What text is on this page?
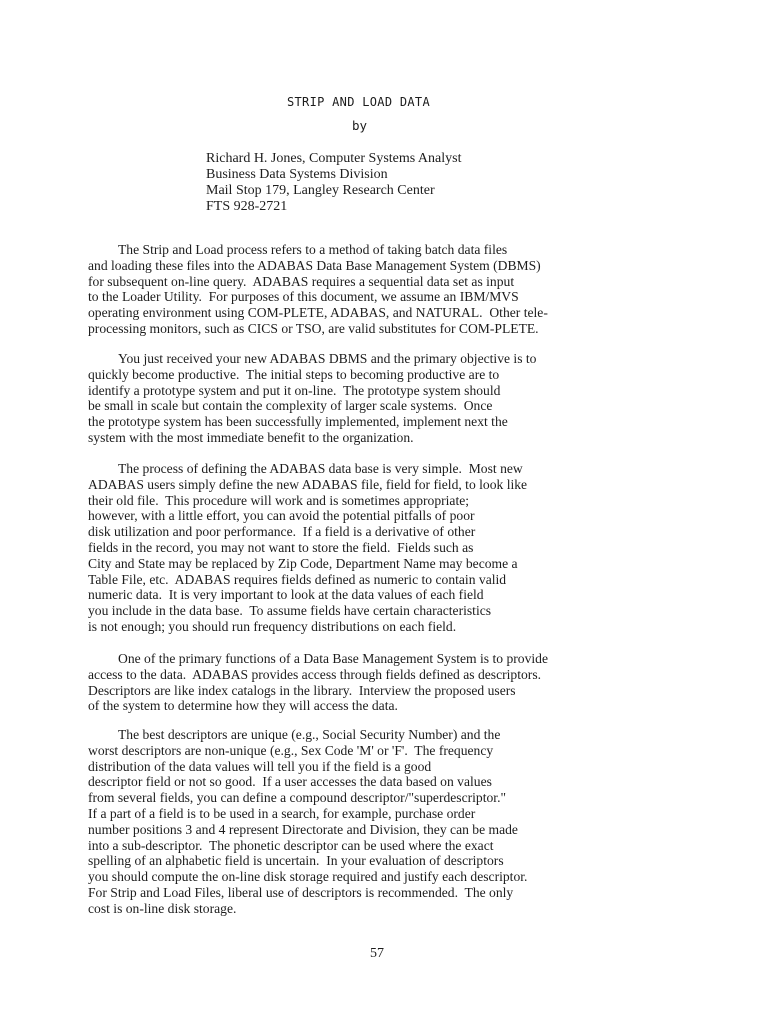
STRIP AND LOAD DATA
by
Richard H. Jones, Computer Systems Analyst
Business Data Systems Division
Mail Stop 179, Langley Research Center
FTS 928-2721
The Strip and Load process refers to a method of taking batch data files
and loading these files into the ADABAS Data Base Management System (DBMS)
for subsequent on-line query.  ADABAS requires a sequential data set as input
to the Loader Utility.  For purposes of this document, we assume an IBM/MVS
operating environment using COM-PLETE, ADABAS, and NATURAL.  Other tele-
processing monitors, such as CICS or TSO, are valid substitutes for COM-PLETE.
You just received your new ADABAS DBMS and the primary objective is to
quickly become productive.  The initial steps to becoming productive are to
identify a prototype system and put it on-line.  The prototype system should
be small in scale but contain the complexity of larger scale systems.  Once
the prototype system has been successfully implemented, implement next the
system with the most immediate benefit to the organization.
The process of defining the ADABAS data base is very simple.  Most new
ADABAS users simply define the new ADABAS file, field for field, to look like
their old file.  This procedure will work and is sometimes appropriate;
however, with a little effort, you can avoid the potential pitfalls of poor
disk utilization and poor performance.  If a field is a derivative of other
fields in the record, you may not want to store the field.  Fields such as
City and State may be replaced by Zip Code, Department Name may become a
Table File, etc.  ADABAS requires fields defined as numeric to contain valid
numeric data.  It is very important to look at the data values of each field
you include in the data base.  To assume fields have certain characteristics
is not enough; you should run frequency distributions on each field.
One of the primary functions of a Data Base Management System is to provide
access to the data.  ADABAS provides access through fields defined as descriptors.
Descriptors are like index catalogs in the library.  Interview the proposed users
of the system to determine how they will access the data.
The best descriptors are unique (e.g., Social Security Number) and the
worst descriptors are non-unique (e.g., Sex Code 'M' or 'F'.  The frequency
distribution of the data values will tell you if the field is a good
descriptor field or not so good.  If a user accesses the data based on values
from several fields, you can define a compound descriptor/"superdescriptor."
If a part of a field is to be used in a search, for example, purchase order
number positions 3 and 4 represent Directorate and Division, they can be made
into a sub-descriptor.  The phonetic descriptor can be used where the exact
spelling of an alphabetic field is uncertain.  In your evaluation of descriptors
you should compute the on-line disk storage required and justify each descriptor.
For Strip and Load Files, liberal use of descriptors is recommended.  The only
cost is on-line disk storage.
57
